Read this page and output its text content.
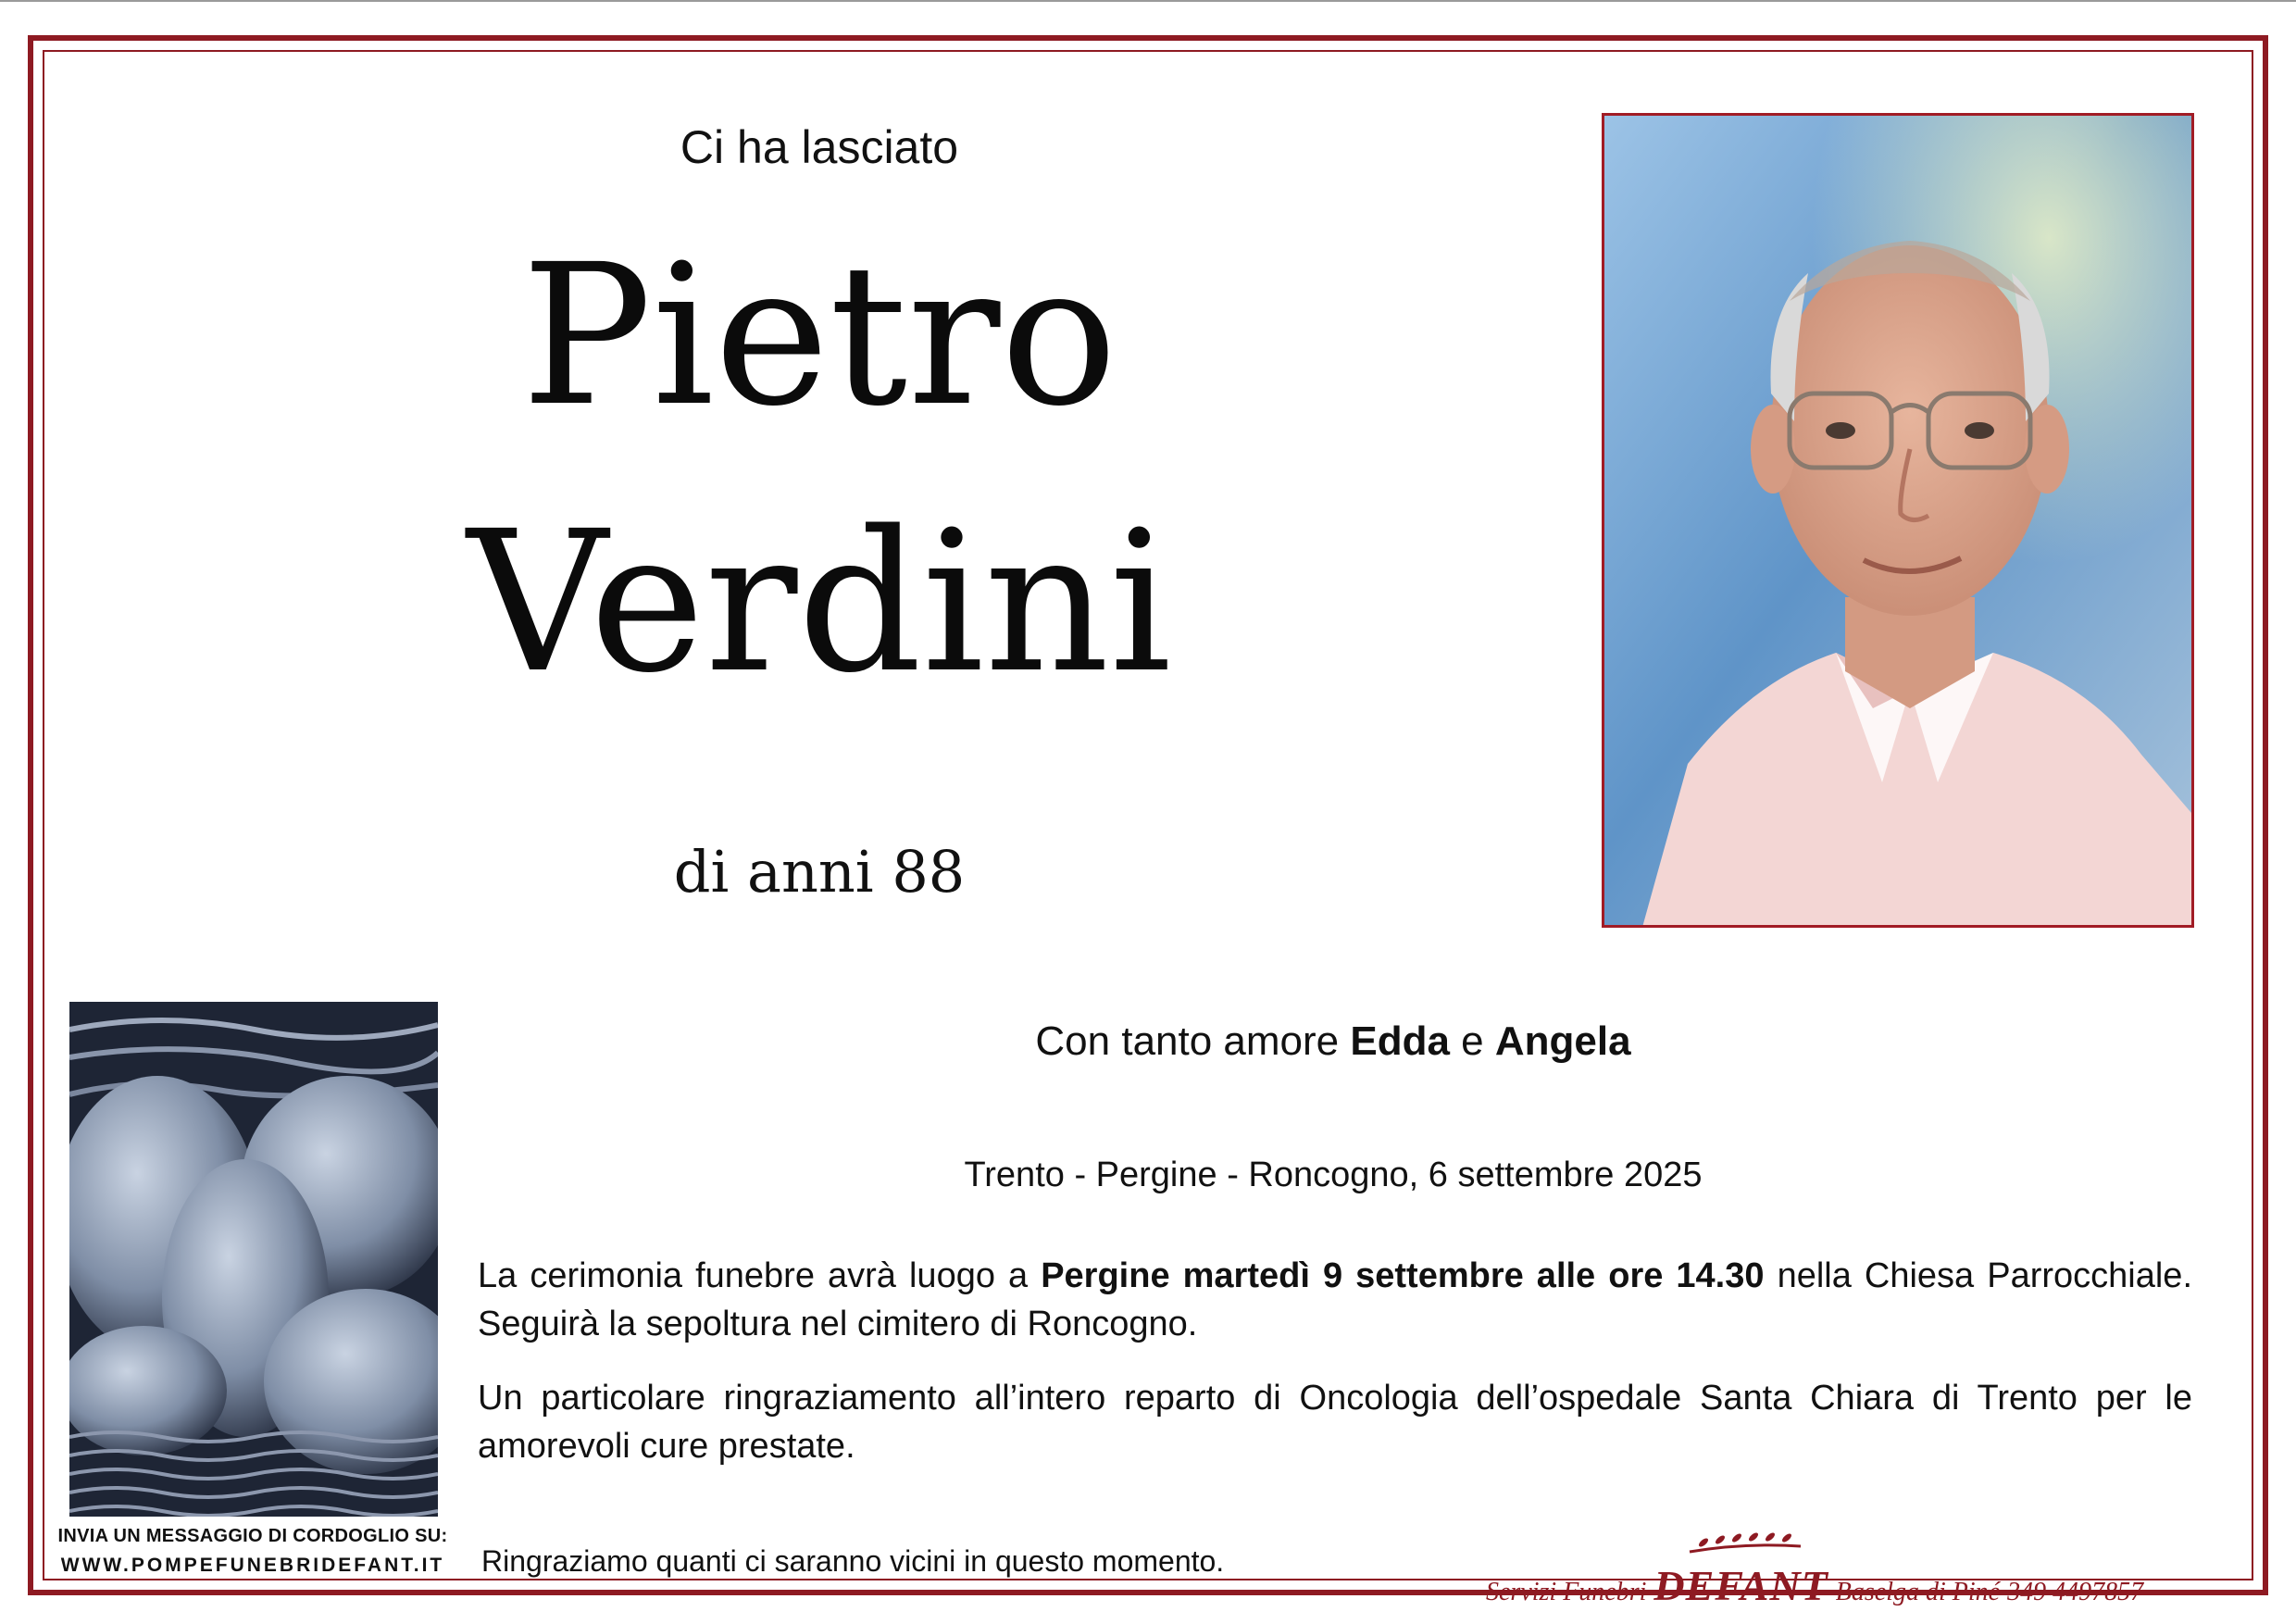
Ci ha lasciato
Pietro
Verdini
di anni 88
INVIA UN MESSAGGIO DI CORDOGLIO SU:
WWW.POMPEFUNEBRIDEFANT.IT
Con tanto amore Edda e Angela
Trento - Pergine - Roncogno, 6 settembre 2025
La cerimonia funebre avrà luogo a Pergine martedì 9 settembre alle ore 14.30 nella Chiesa Parrocchiale. Seguirà la sepoltura nel cimitero di Roncogno.
Un particolare ringraziamento all’intero reparto di Oncologia dell’ospedale Santa Chiara di Trento per le amorevoli cure prestate.
Ringraziamo quanti ci saranno vicini in questo momento.
Servizi Funebri DEFANT Baselga di Piné 349 4497857
